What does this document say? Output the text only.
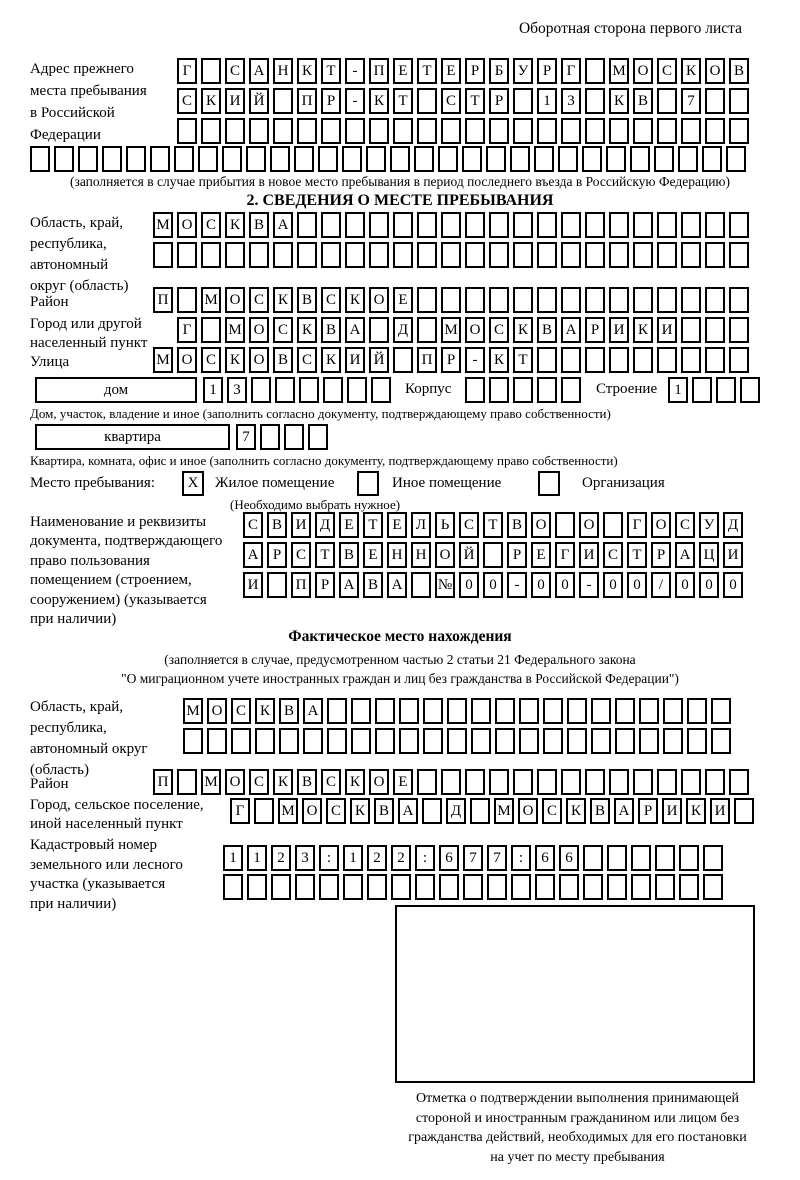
Оборотная сторона первого листа
Адрес прежнего
места пребывания
в Российской
Федерации
Г	С А Н К Т	-	П Е Т Е	Р	Б У Р	Г	М О С К О В
С К И Й	П Р	-	К Т	С Т	Р	1	3	К В	7
(заполняется в случае прибытия в новое место пребывания в период последнего въезда в Российскую Федерацию)
2. СВЕДЕНИЯ О МЕСТЕ ПРЕБЫВАНИЯ
Область, край,
республика,
автономный
округ (область)
М О С К В А
Район	П	М О С К В С К О Е
Город или другой
населенный пункт
Г	М О С К В А	Д	М О С К В А Р И К И
Улица	М О С К О В С К И Й	П Р	-	К Т
дом	1	3	Корпус	Строение	1
Дом, участок, владение и иное (заполнить согласно документу, подтверждающему право собственности)
квартира	7
Квартира, комната, офис и иное (заполнить согласно документу, подтверждающему право собственности)
Место пребывания:	X	Жилое помещение	Иное помещение	Организация
(Необходимо выбрать нужное)
Наименование и реквизиты
документа, подтверждающего
право пользования
помещением (строением,
сооружением) (указывается
при наличии)
С В И Д Е Т Е Л Ь С Т В О	О	Г О С У Д
А Р С Т В Е Н Н О Й	Р	Е	Г И С Т	Р А Ц И
И	П Р А В А	№ 0	0	-	0	0	-	0	0	/	0	0	0
Фактическое место нахождения
(заполняется в случае, предусмотренном частью 2 статьи 21 Федерального закона
"О миграционном учете иностранных граждан и лиц без гражданства в Российской Федерации")
Область, край,
республика,
автономный округ
(область)
М О С К В А
Район	П	М О С К В С К О Е
Город, сельское поселение,
иной населенный пункт
Г	М О С К В А	Д	М О С К В А Р И К И
Кадастровый номер
земельного или лесного
участка (указывается
при наличии)
1	1	2	3	:	1	2	2	:	6	7	7	:	6	6
Отметка о подтверждении выполнения принимающей
стороной и иностранным гражданином или лицом без
гражданства действий, необходимых для его постановки
на учет по месту пребывания
